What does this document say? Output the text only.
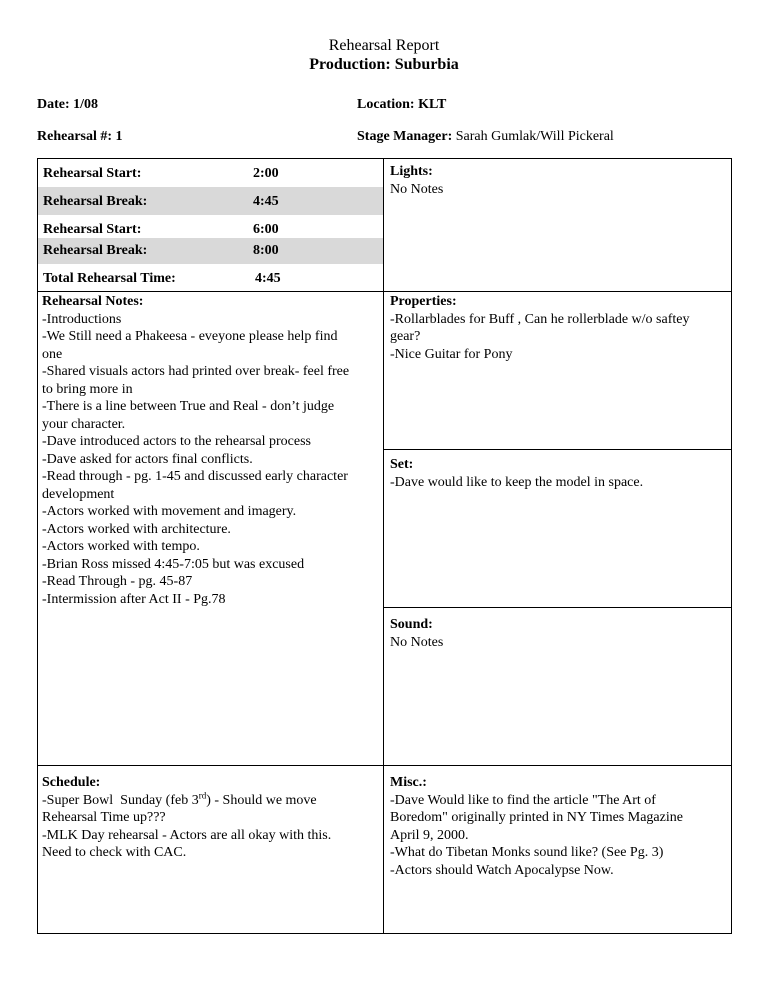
Rehearsal Report
Production: Suburbia
Date: 1/08	Location: KLT
Rehearsal #: 1	Stage Manager: Sarah Gumlak/Will Pickeral
Rehearsal Start:	2:00
Rehearsal Break:	4:45
Rehearsal Start:	6:00
Rehearsal Break:	8:00
Total Rehearsal Time:	4:45
Lights:
No Notes
Rehearsal Notes:
-Introductions
-We Still need a Phakeesa - eveyone please help find
one
-Shared visuals actors had printed over break- feel free
to bring more in
-There is a line between True and Real - don’t judge
your character.
-Dave introduced actors to the rehearsal process
-Dave asked for actors final conflicts.
-Read through - pg. 1-45 and discussed early character
development
-Actors worked with movement and imagery.
-Actors worked with architecture.
-Actors worked with tempo.
-Brian Ross missed 4:45-7:05 but was excused
-Read Through - pg. 45-87
-Intermission after Act II - Pg.78
Properties:
-Rollarblades for Buff , Can he rollerblade w/o saftey
gear?
-Nice Guitar for Pony
Set:
-Dave would like to keep the model in space.
Sound:
No Notes
Schedule:
-Super Bowl  Sunday (feb 3rd) - Should we move
Rehearsal Time up???
-MLK Day rehearsal - Actors are all okay with this.
Need to check with CAC.
Misc.:
-Dave Would like to find the article "The Art of
Boredom" originally printed in NY Times Magazine
April 9, 2000.
-What do Tibetan Monks sound like? (See Pg. 3)
-Actors should Watch Apocalypse Now.
